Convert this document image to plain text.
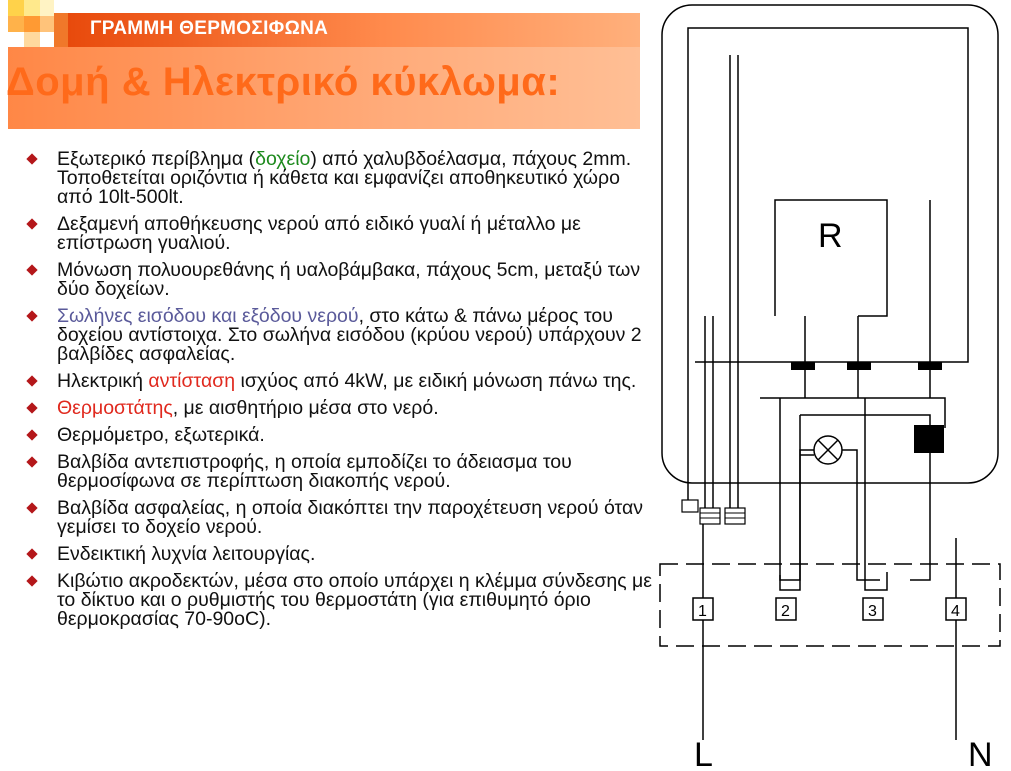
ΓΡΑΜΜΗ ΘΕΡΜΟΣΙΦΩΝΑ
Δομή & Ηλεκτρικό κύκλωμα:
Εξωτερικό περίβλημα (δοχείο) από χαλυβδοέλασμα, πάχους 2mm. Τοποθετείται οριζόντια ή κάθετα και εμφανίζει αποθηκευτικό χώρο από 10lt-500lt.
Δεξαμενή αποθήκευσης νερού από ειδικό γυαλί ή μέταλλο με επίστρωση γυαλιού.
Μόνωση πολυουρεθάνης ή υαλοβάμβακα, πάχους 5cm, μεταξύ των δύο δοχείων.
Σωλήνες εισόδου και εξόδου νερού, στο κάτω & πάνω μέρος του δοχείου αντίστοιχα. Στο σωλήνα εισόδου (κρύου νερού) υπάρχουν 2 βαλβίδες ασφαλείας.
Ηλεκτρική αντίσταση ισχύος από 4kW, με ειδική μόνωση πάνω της.
Θερμοστάτης, με αισθητήριο μέσα στο νερό.
Θερμόμετρο, εξωτερικά.
Βαλβίδα αντεπιστροφής, η οποία εμποδίζει το άδειασμα του θερμοσίφωνα σε περίπτωση διακοπής νερού.
Βαλβίδα ασφαλείας, η οποία διακόπτει την παροχέτευση νερού όταν γεμίσει το δοχείο νερού.
Ενδεικτική λυχνία λειτουργίας.
Κιβώτιο ακροδεκτών, μέσα στο οποίο υπάρχει η κλέμμα σύνδεσης με το δίκτυο και ο ρυθμιστής του θερμοστάτη (για επιθυμητό όριο θερμοκρασίας 70-90oC).
R
1	2	3	4
L	N
